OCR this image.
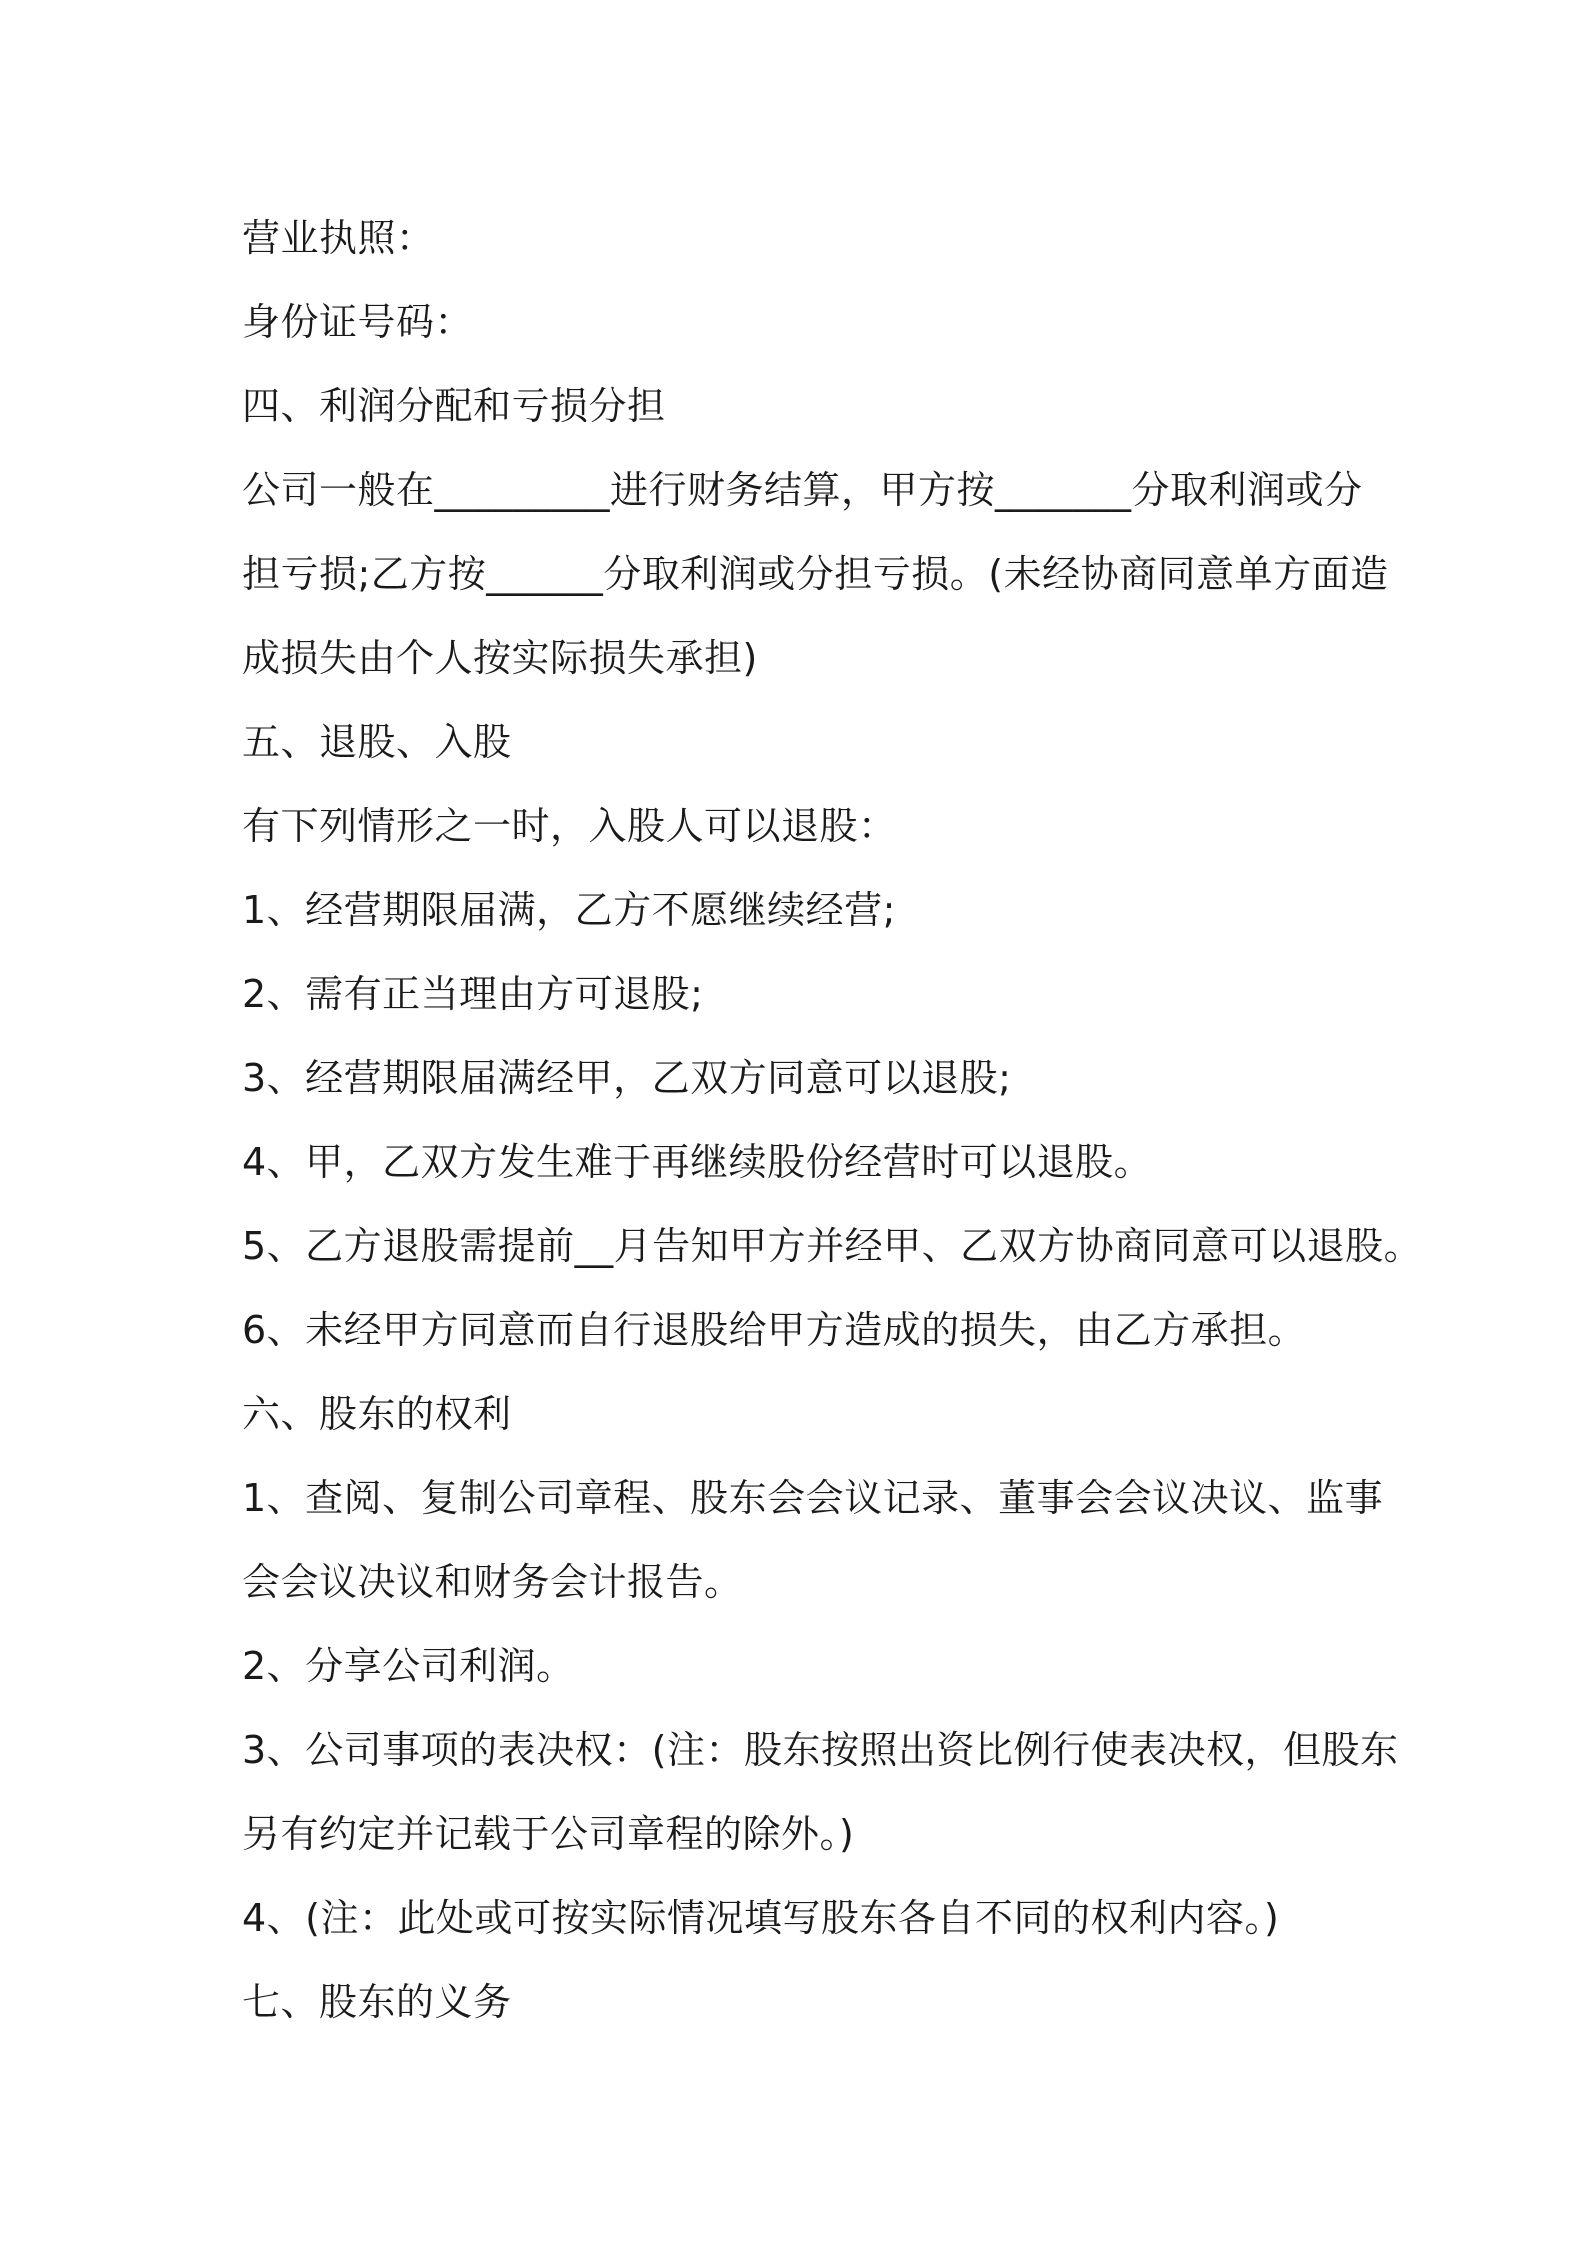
营业执照：

身份证号码：

四、利润分配和亏损分担

公司一般在_________进行财务结算，甲方按_______分取利润或分

担亏损;乙方按______分取利润或分担亏损。(未经协商同意单方面造

成损失由个人按实际损失承担)

五、退股、入股

有下列情形之一时，入股人可以退股：

1、经营期限届满，乙方不愿继续经营;

2、需有正当理由方可退股;

3、经营期限届满经甲，乙双方同意可以退股;

4、甲，乙双方发生难于再继续股份经营时可以退股。

5、乙方退股需提前__月告知甲方并经甲、乙双方协商同意可以退股。

6、未经甲方同意而自行退股给甲方造成的损失，由乙方承担。

六、股东的权利

1、查阅、复制公司章程、股东会会议记录、董事会会议决议、监事

会会议决议和财务会计报告。

2、分享公司利润。

3、公司事项的表决权：(注：股东按照出资比例行使表决权，但股东

另有约定并记载于公司章程的除外。)

4、(注：此处或可按实际情况填写股东各自不同的权利内容。)

七、股东的义务
